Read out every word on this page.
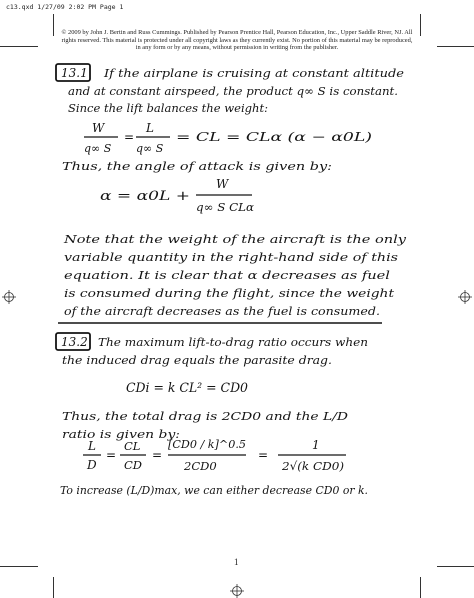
c13.qxd 1/27/09 2:02 PM Page 1
© 2009 by John J. Bertin and Russ Cummings. Published by Pearson Prentice Hall, Pearson Education, Inc., Upper Saddle River, NJ. All rights reserved. This material is protected under all copyright laws as they currently exist. No portion of this material may be reproduced, in any form or by any means, without permission in writing from the publisher.
13.1 If the airplane is cruising at constant altitude
and at constant airspeed, the product q∞ S is constant.
Since the lift balances the weight:
W
q∞ S
=
L
q∞ S
= CL = CLα (α − α0L)
Thus, the angle of attack is given by:
α = α0L +
W
q∞ S CLα
Note that the weight of the aircraft is the only
variable quantity in the right-hand side of this
equation. It is clear that α decreases as fuel
is consumed during the flight, since the weight
of the aircraft decreases as the fuel is consumed.
13.2 The maximum lift-to-drag ratio occurs when
the induced drag equals the parasite drag.
CDi = k CL² = CD0
Thus, the total drag is 2CD0 and the L/D
ratio is given by:
L
D
=
CL
CD
=
[CD0 / k]^0.5
2CD0
=
1
2√(k CD0)
To increase (L/D)max, we can either decrease CD0 or k.
1
